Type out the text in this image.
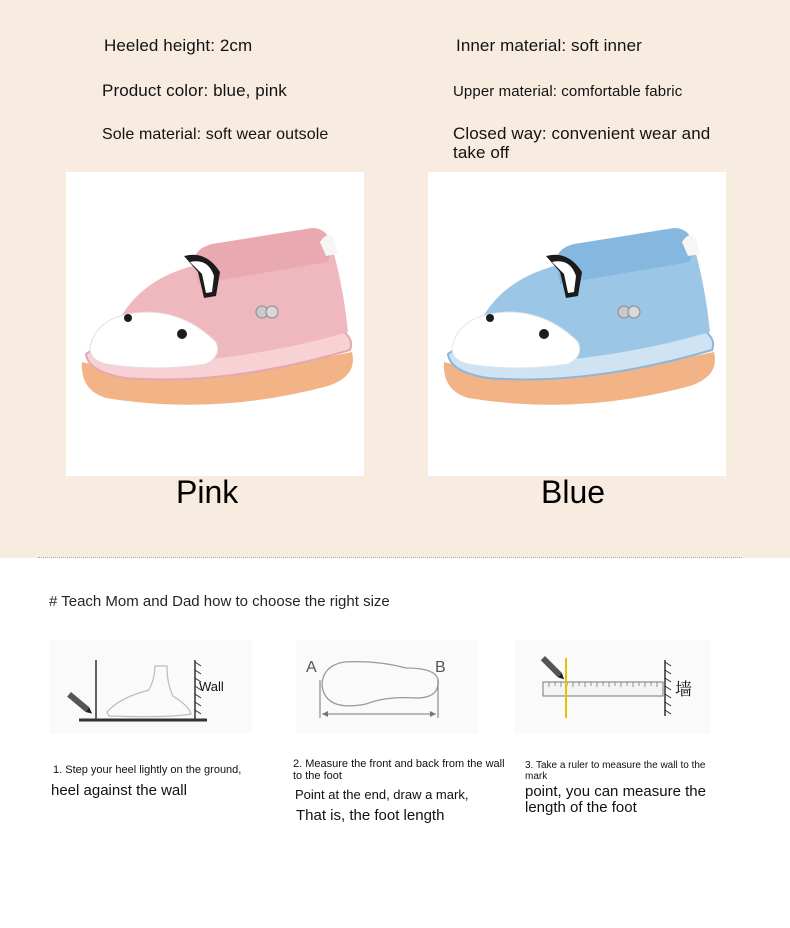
Heeled height: 2cm	Inner material: soft inner
Product color: blue, pink	Upper material: comfortable fabric
Sole material: soft wear outsole	Closed way: convenient wear and take off
Pink	Blue
# Teach Mom and Dad how to choose the right size
Wall
A	B
墙
1. Step your heel lightly on the ground,
heel against the wall
2. Measure the front and back from the wall to the foot
Point at the end, draw a mark,
That is, the foot length
3. Take a ruler to measure the wall to the mark
point, you can measure the length of the foot
